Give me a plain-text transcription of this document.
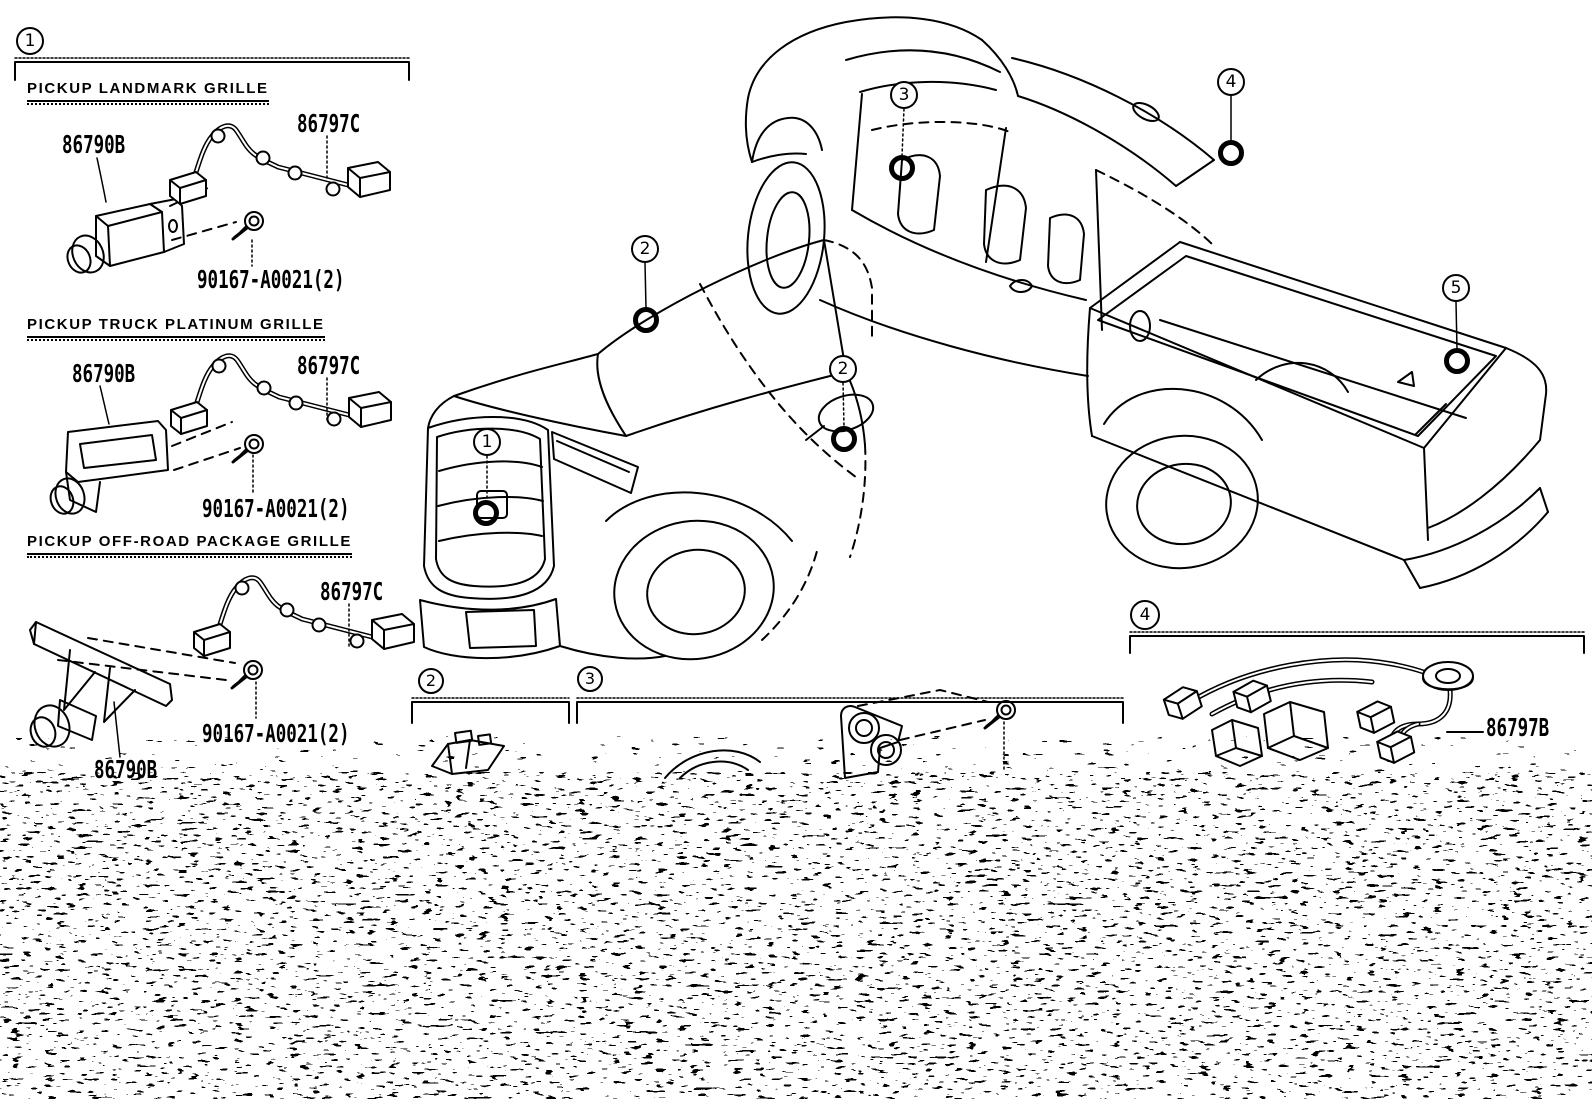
1
PICKUP LANDMARK GRILLE
86790B
86797C
90167-A0021(2)
PICKUP TRUCK PLATINUM GRILLE
86790B	86797C
90167-A0021(2)
PICKUP OFF-ROAD PACKAGE GRILLE
86797C
90167-A0021(2)
86790B
1
2
2
3
4
5
2	3
4
86797B
